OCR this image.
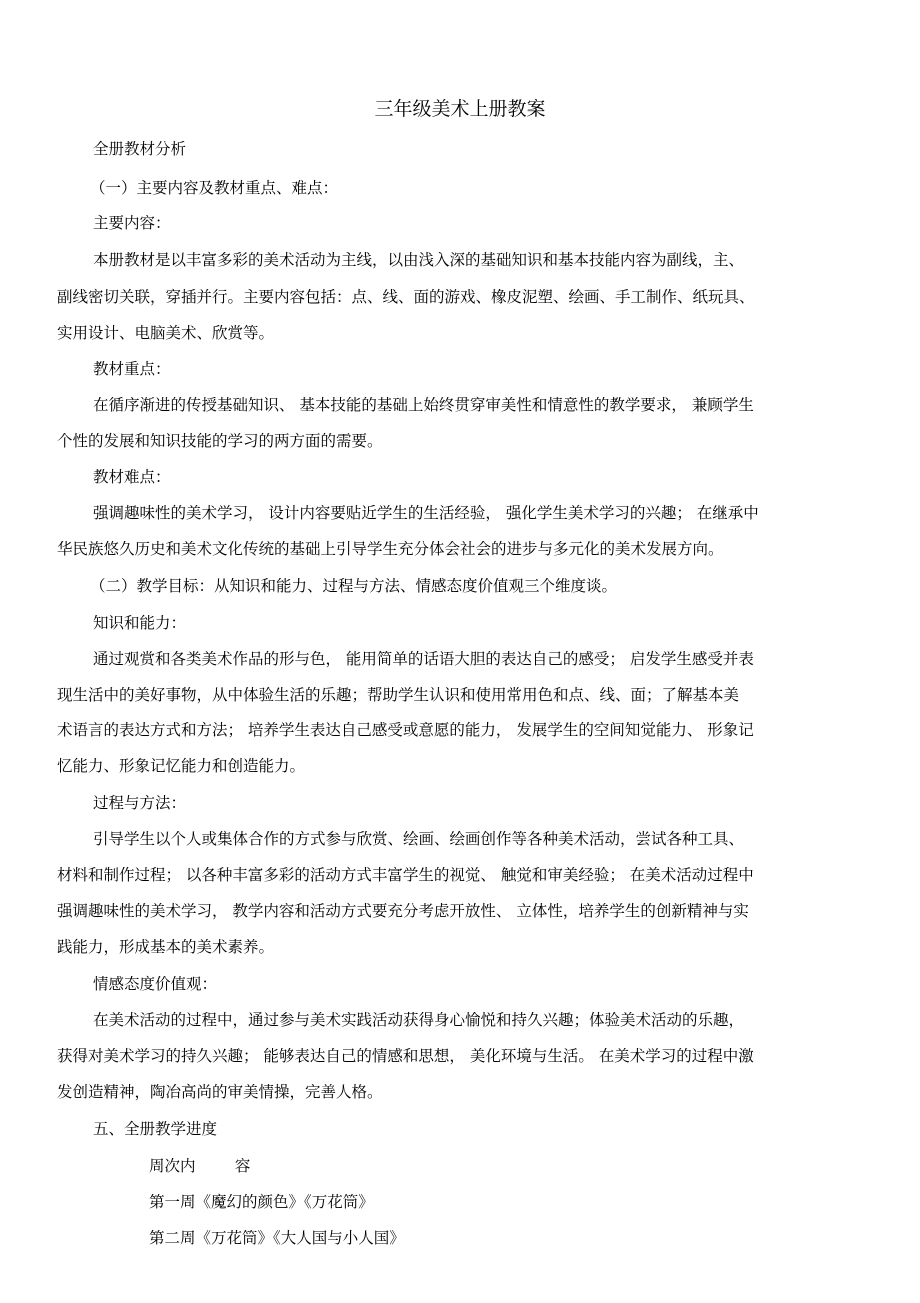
三年级美术上册教案
全册教材分析
（一）主要内容及教材重点、难点：
主要内容：
本册教材是以丰富多彩的美术活动为主线，以由浅入深的基础知识和基本技能内容为副线，主、
副线密切关联，穿插并行。主要内容包括：点、线、面的游戏、橡皮泥塑、绘画、手工制作、纸玩具、
实用设计、电脑美术、欣赏等。
教材重点：
在循序渐进的传授基础知识、 基本技能的基础上始终贯穿审美性和情意性的教学要求， 兼顾学生
个性的发展和知识技能的学习的两方面的需要。
教材难点：
强调趣味性的美术学习， 设计内容要贴近学生的生活经验， 强化学生美术学习的兴趣； 在继承中
华民族悠久历史和美术文化传统的基础上引导学生充分体会社会的进步与多元化的美术发展方向。
（二）教学目标：从知识和能力、过程与方法、情感态度价值观三个维度谈。
知识和能力：
通过观赏和各类美术作品的形与色， 能用简单的话语大胆的表达自己的感受； 启发学生感受并表
现生活中的美好事物，从中体验生活的乐趣；帮助学生认识和使用常用色和点、线、面；了解基本美
术语言的表达方式和方法； 培养学生表达自己感受或意愿的能力， 发展学生的空间知觉能力、 形象记
忆能力、形象记忆能力和创造能力。
过程与方法：
引导学生以个人或集体合作的方式参与欣赏、绘画、绘画创作等各种美术活动，尝试各种工具、
材料和制作过程； 以各种丰富多彩的活动方式丰富学生的视觉、 触觉和审美经验； 在美术活动过程中
强调趣味性的美术学习， 教学内容和活动方式要充分考虑开放性、 立体性，培养学生的创新精神与实
践能力，形成基本的美术素养。
情感态度价值观：
在美术活动的过程中，通过参与美术实践活动获得身心愉悦和持久兴趣；体验美术活动的乐趣，
获得对美术学习的持久兴趣； 能够表达自己的情感和思想， 美化环境与生活。 在美术学习的过程中激
发创造精神，陶冶高尚的审美情操，完善人格。
五、全册教学进度
周次内        容
第一周《魔幻的颜色》《万花筒》
第二周《万花筒》《大人国与小人国》
